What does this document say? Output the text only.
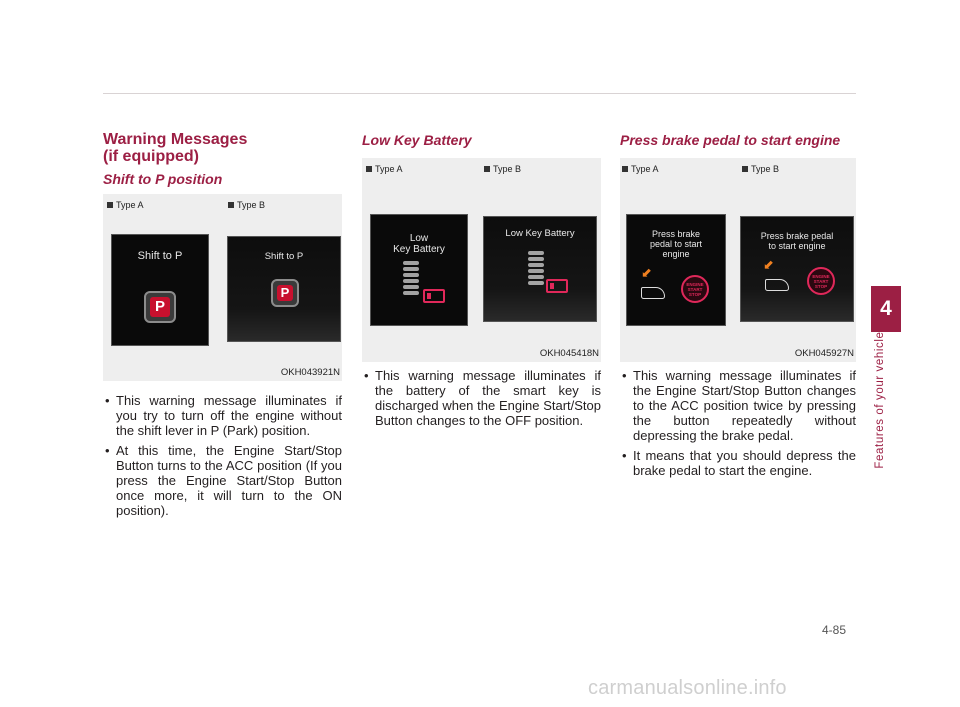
Warning Messages
(if equipped)
Shift to P position
Type A	Type B
Shift to P
P
Shift to P
P
OKH043921N
• This warning message illuminates if you try to turn off the engine without the shift lever in P (Park) position.
• At this time, the Engine Start/Stop Button turns to the ACC position (If you press the Engine Start/Stop Button once more, it will turn to the ON position).
Low Key Battery
Type A	Type B
Low
Key Battery
Low Key Battery
OKH045418N
• This warning message illuminates if the battery of the smart key is discharged when the Engine Start/Stop Button changes to the OFF position.
Press brake pedal to start engine
Type A	Type B
Press brake
pedal to start
engine
⬋
ENGINE START STOP
Press brake pedal
to start engine
⬋
ENGINE START STOP
OKH045927N
• This warning message illuminates if the Engine Start/Stop Button changes to the ACC position twice by pressing the button repeatedly without depressing the brake pedal.
• It means that you should depress the brake pedal to start the engine.
4
Features of your vehicle
4-85
carmanualsonline.info
